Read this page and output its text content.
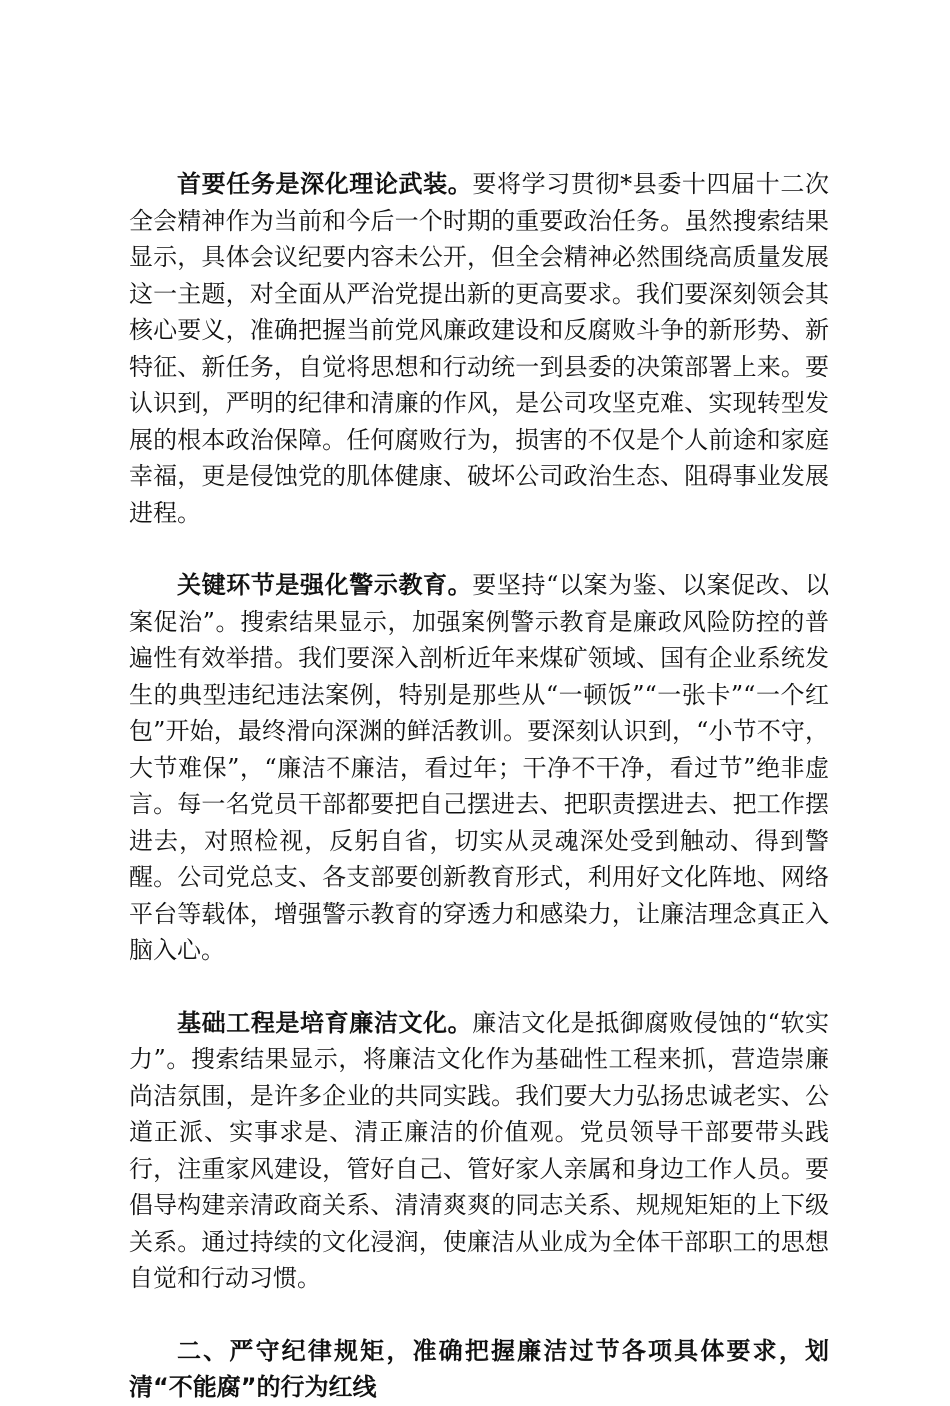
首要任务是深化理论武装。要将学习贯彻*县委十四届十二次全会精神作为当前和今后一个时期的重要政治任务。虽然搜索结果显示，具体会议纪要内容未公开，但全会精神必然围绕高质量发展这一主题，对全面从严治党提出新的更高要求。我们要深刻领会其核心要义，准确把握当前党风廉政建设和反腐败斗争的新形势、新特征、新任务，自觉将思想和行动统一到县委的决策部署上来。要认识到，严明的纪律和清廉的作风，是公司攻坚克难、实现转型发展的根本政治保障。任何腐败行为，损害的不仅是个人前途和家庭幸福，更是侵蚀党的肌体健康、破坏公司政治生态、阻碍事业发展进程。

关键环节是强化警示教育。要坚持“以案为鉴、以案促改、以案促治”。搜索结果显示，加强案例警示教育是廉政风险防控的普遍性有效举措。我们要深入剖析近年来煤矿领域、国有企业系统发生的典型违纪违法案例，特别是那些从“一顿饭”“一张卡”“一个红包”开始，最终滑向深渊的鲜活教训。要深刻认识到，“小节不守，大节难保”，“廉洁不廉洁，看过年；干净不干净，看过节”绝非虚言。每一名党员干部都要把自己摆进去、把职责摆进去、把工作摆进去，对照检视，反躬自省，切实从灵魂深处受到触动、得到警醒。公司党总支、各支部要创新教育形式，利用好文化阵地、网络平台等载体，增强警示教育的穿透力和感染力，让廉洁理念真正入脑入心。

基础工程是培育廉洁文化。廉洁文化是抵御腐败侵蚀的“软实力”。搜索结果显示，将廉洁文化作为基础性工程来抓，营造崇廉尚洁氛围，是许多企业的共同实践。我们要大力弘扬忠诚老实、公道正派、实事求是、清正廉洁的价值观。党员领导干部要带头践行，注重家风建设，管好自己、管好家人亲属和身边工作人员。要倡导构建亲清政商关系、清清爽爽的同志关系、规规矩矩的上下级关系。通过持续的文化浸润，使廉洁从业成为全体干部职工的思想自觉和行动习惯。

二、严守纪律规矩，准确把握廉洁过节各项具体要求，划清“不能腐”的行为红线
